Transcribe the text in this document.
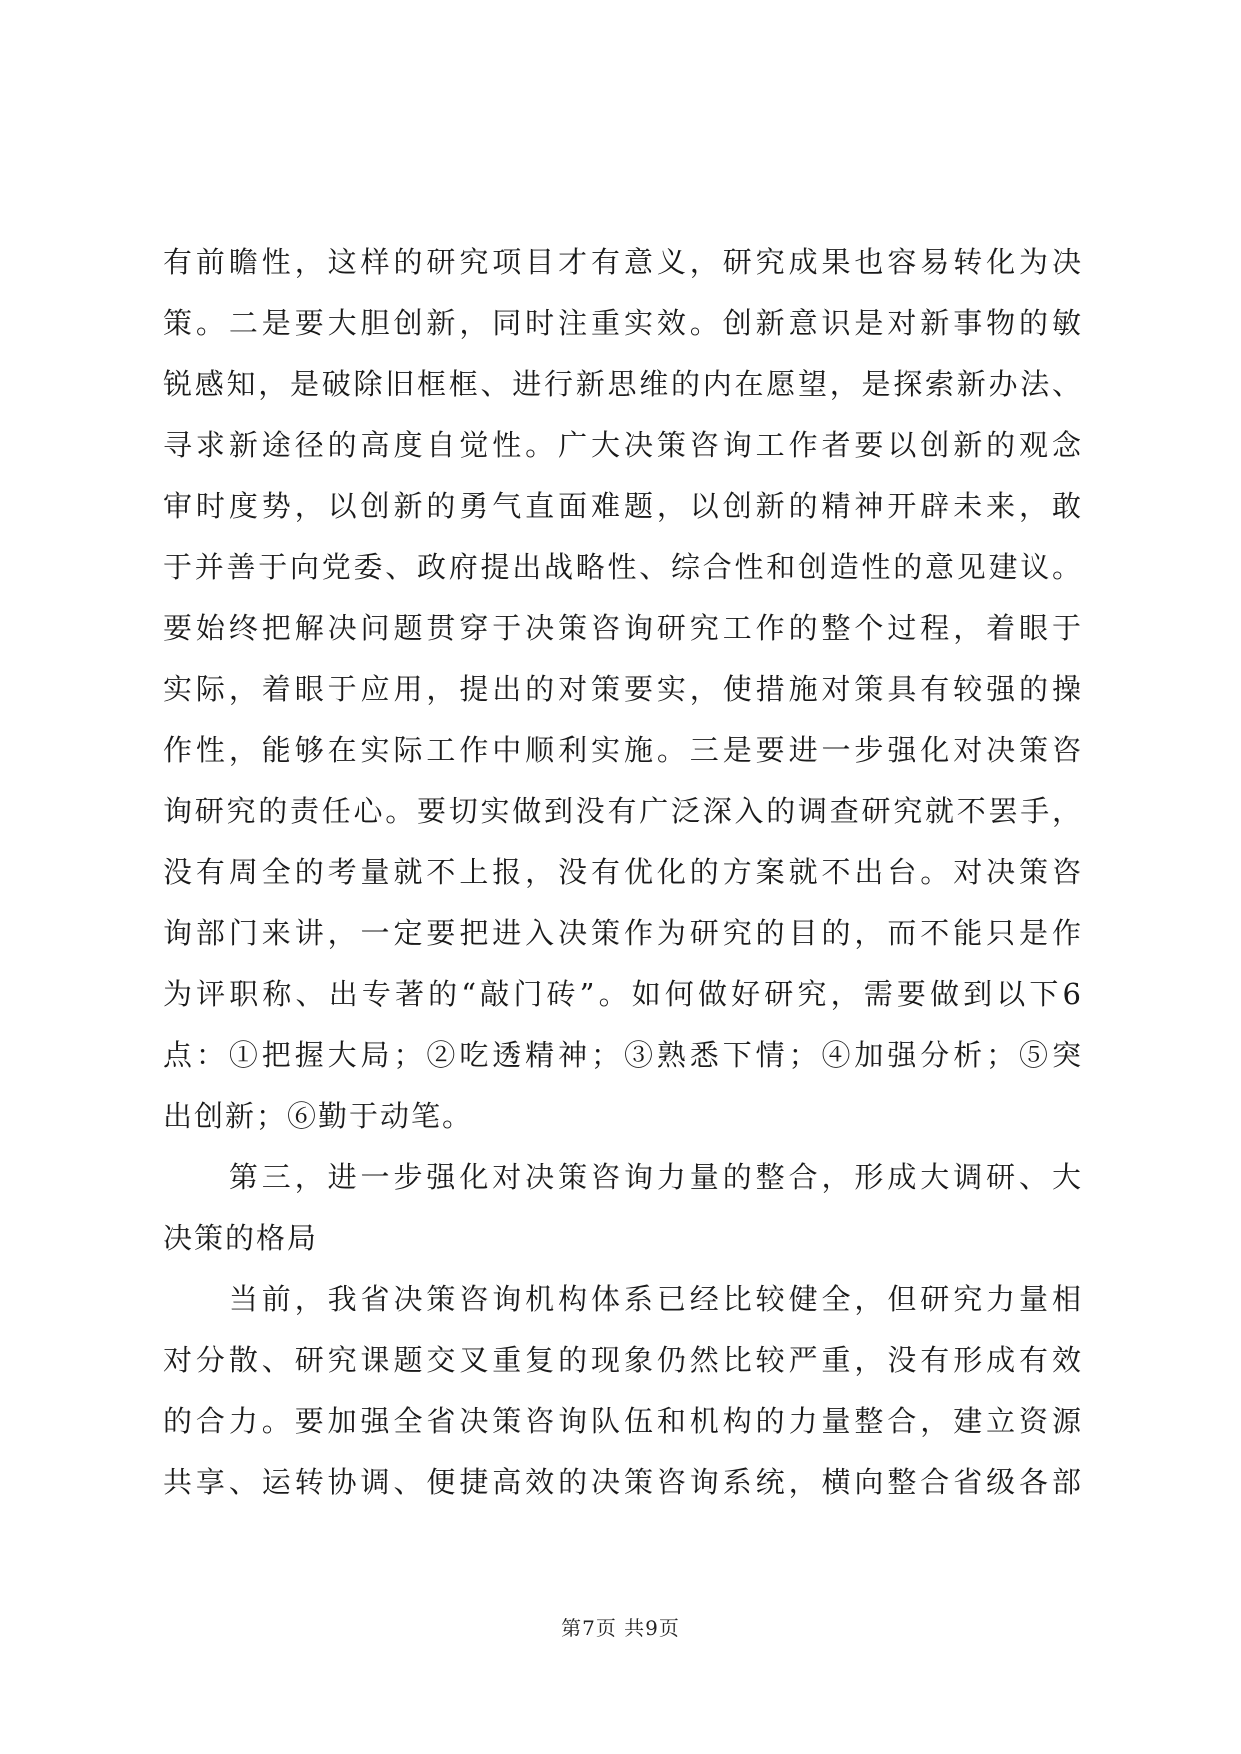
有前瞻性，这样的研究项目才有意义，研究成果也容易转化为决
策。二是要大胆创新，同时注重实效。创新意识是对新事物的敏
锐感知，是破除旧框框、进行新思维的内在愿望，是探索新办法、
寻求新途径的高度自觉性。广大决策咨询工作者要以创新的观念
审时度势，以创新的勇气直面难题，以创新的精神开辟未来，敢
于并善于向党委、政府提出战略性、综合性和创造性的意见建议。
要始终把解决问题贯穿于决策咨询研究工作的整个过程，着眼于
实际，着眼于应用，提出的对策要实，使措施对策具有较强的操
作性，能够在实际工作中顺利实施。三是要进一步强化对决策咨
询研究的责任心。要切实做到没有广泛深入的调查研究就不罢手，
没有周全的考量就不上报，没有优化的方案就不出台。对决策咨
询部门来讲，一定要把进入决策作为研究的目的，而不能只是作
为评职称、出专著的“敲门砖”。如何做好研究，需要做到以下6
点：①把握大局；②吃透精神；③熟悉下情；④加强分析；⑤突
出创新；⑥勤于动笔。
　　第三，进一步强化对决策咨询力量的整合，形成大调研、大
决策的格局
　　当前，我省决策咨询机构体系已经比较健全，但研究力量相
对分散、研究课题交叉重复的现象仍然比较严重，没有形成有效
的合力。要加强全省决策咨询队伍和机构的力量整合，建立资源
共享、运转协调、便捷高效的决策咨询系统，横向整合省级各部
第7页 共9页
